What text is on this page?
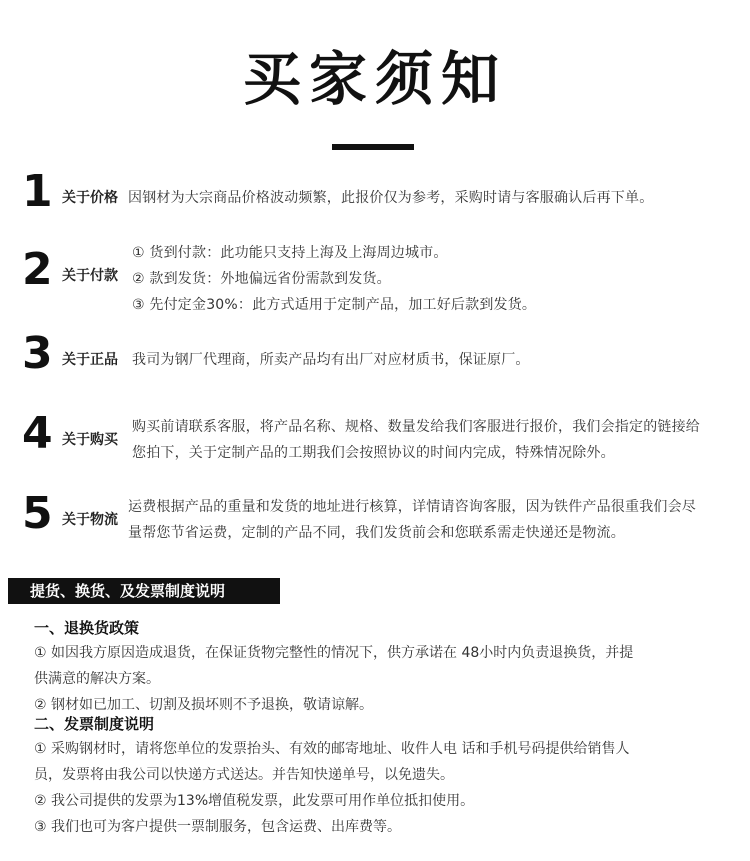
买家须知
1 关于价格 因钢材为大宗商品价格波动频繁，此报价仅为参考，采购时请与客服确认后再下单。

2 关于付款

① 货到付款：此功能只支持上海及上海周边城市。

② 款到发货：外地偏远省份需款到发货。

③ 先付定金30%：此方式适用于定制产品，加工好后款到发货。

3 关于正品 我司为钢厂代理商，所卖产品均有出厂对应材质书，保证原厂。

4 关于购买

购买前请联系客服，将产品名称、规格、数量发给我们客服进行报价，我们会指定的链接给

您拍下，关于定制产品的工期我们会按照协议的时间内完成，特殊情况除外。

5 关于物流

运费根据产品的重量和发货的地址进行核算，详情请咨询客服，因为铁件产品很重我们会尽

量帮您节省运费，定制的产品不同，我们发货前会和您联系需走快递还是物流。

提货、换货、及发票制度说明
一、退换货政策

① 如因我方原因造成退货，在保证货物完整性的情况下，供方承诺在 48小时内负责退换货，并提

供满意的解决方案。

② 钢材如已加工、切割及损坏则不予退换，敬请谅解。

二、发票制度说明

① 采购钢材时，请将您单位的发票抬头、有效的邮寄地址、收件人电 话和手机号码提供给销售人

员，发票将由我公司以快递方式送达。并告知快递单号，以免遗失。

② 我公司提供的发票为13%增值税发票，此发票可用作单位抵扣使用。

③ 我们也可为客户提供一票制服务，包含运费、出库费等。
